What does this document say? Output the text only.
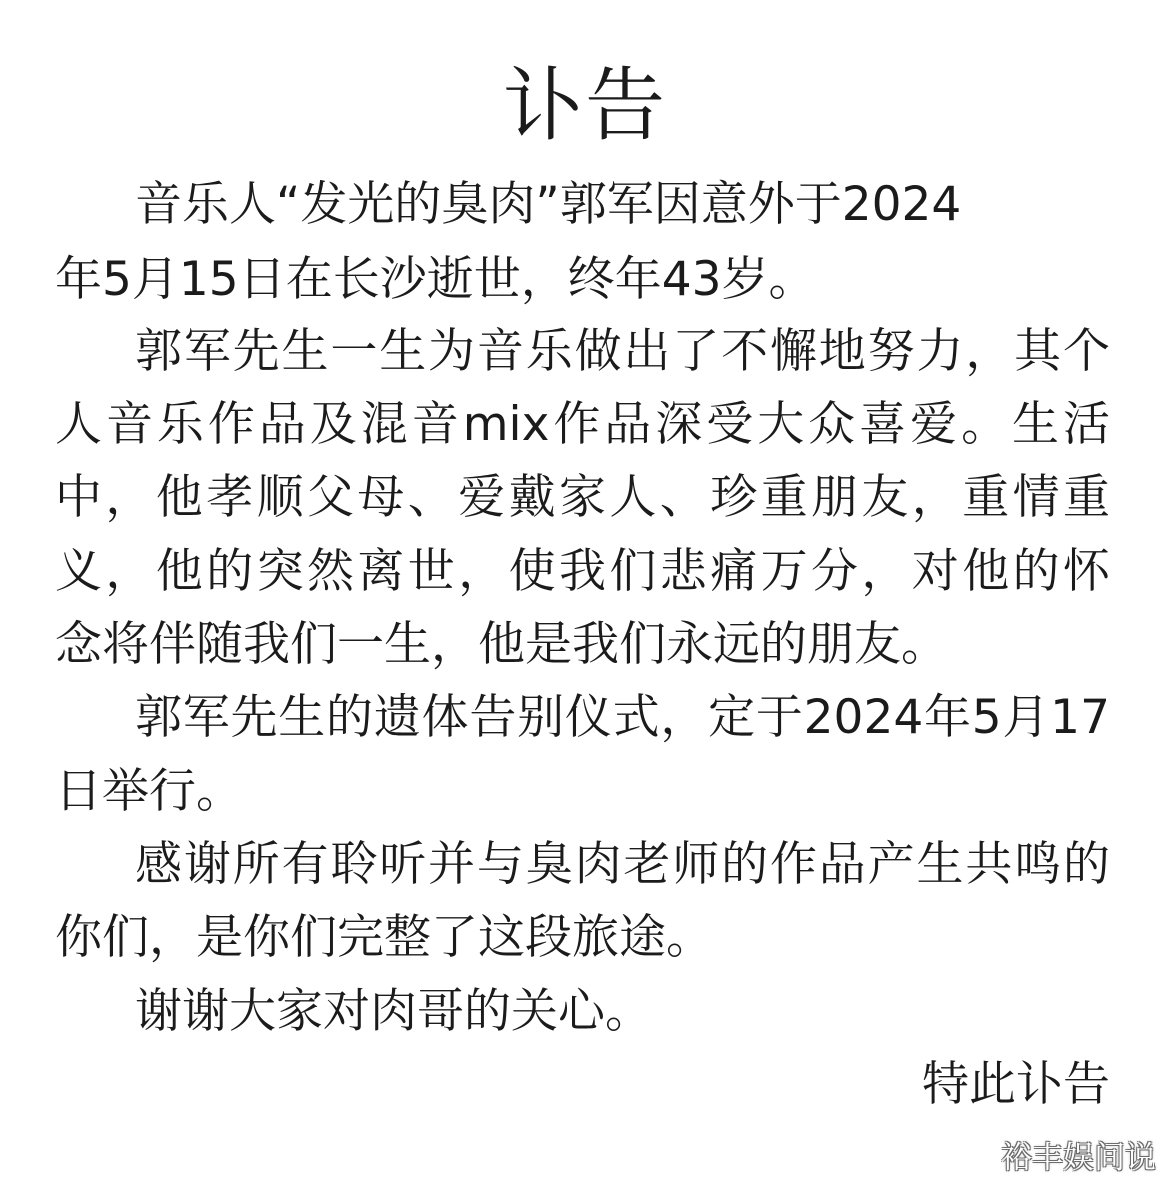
讣告
音乐人“发光的臭肉”郭军因意外于2024
年5月15日在长沙逝世，终年43岁。
郭军先生一生为音乐做出了不懈地努力，其个
人音乐作品及混音mix作品深受大众喜爱。生活
中，他孝顺父母、爱戴家人、珍重朋友，重情重
义，他的突然离世，使我们悲痛万分，对他的怀
念将伴随我们一生，他是我们永远的朋友。
郭军先生的遗体告别仪式，定于2024年5月17
日举行。
感谢所有聆听并与臭肉老师的作品产生共鸣的
你们，是你们完整了这段旅途。
谢谢大家对肉哥的关心。
特此讣告
裕丰娱间说
